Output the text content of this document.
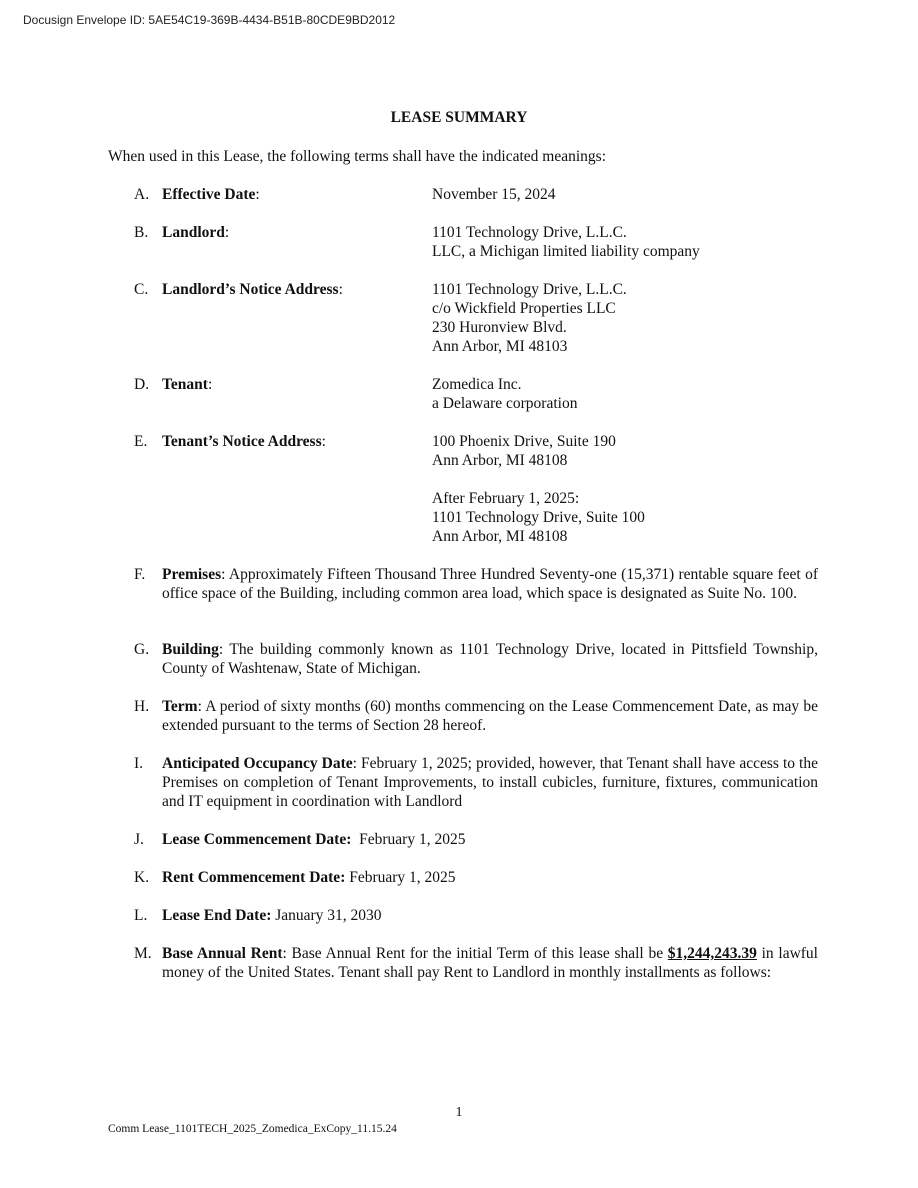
Docusign Envelope ID: 5AE54C19-369B-4434-B51B-80CDE9BD2012
LEASE SUMMARY
When used in this Lease, the following terms shall have the indicated meanings:
A. Effective Date:	November 15, 2024
B. Landlord:	1101 Technology Drive, L.L.C.
LLC, a Michigan limited liability company
C. Landlord’s Notice Address:	1101 Technology Drive, L.L.C.
c/o Wickfield Properties LLC
230 Huronview Blvd.
Ann Arbor, MI 48103
D. Tenant:	Zomedica Inc.
a Delaware corporation
E. Tenant’s Notice Address:	100 Phoenix Drive, Suite 190
Ann Arbor, MI 48108
After February 1, 2025:
1101 Technology Drive, Suite 100
Ann Arbor, MI 48108
F. Premises: Approximately Fifteen Thousand Three Hundred Seventy-one (15,371) rentable square feet of office space of the Building, including common area load, which space is designated as Suite No. 100.
G. Building: The building commonly known as 1101 Technology Drive, located in Pittsfield Township, County of Washtenaw, State of Michigan.
H. Term: A period of sixty months (60) months commencing on the Lease Commencement Date, as may be extended pursuant to the terms of Section 28 hereof.
I. Anticipated Occupancy Date: February 1, 2025; provided, however, that Tenant shall have access to the Premises on completion of Tenant Improvements, to install cubicles, furniture, fixtures, communication and IT equipment in coordination with Landlord
J. Lease Commencement Date:  February 1, 2025
K. Rent Commencement Date: February 1, 2025
L. Lease End Date: January 31, 2030
M. Base Annual Rent: Base Annual Rent for the initial Term of this lease shall be $1,244,243.39 in lawful money of the United States. Tenant shall pay Rent to Landlord in monthly installments as follows:
1
Comm Lease_1101TECH_2025_Zomedica_ExCopy_11.15.24
